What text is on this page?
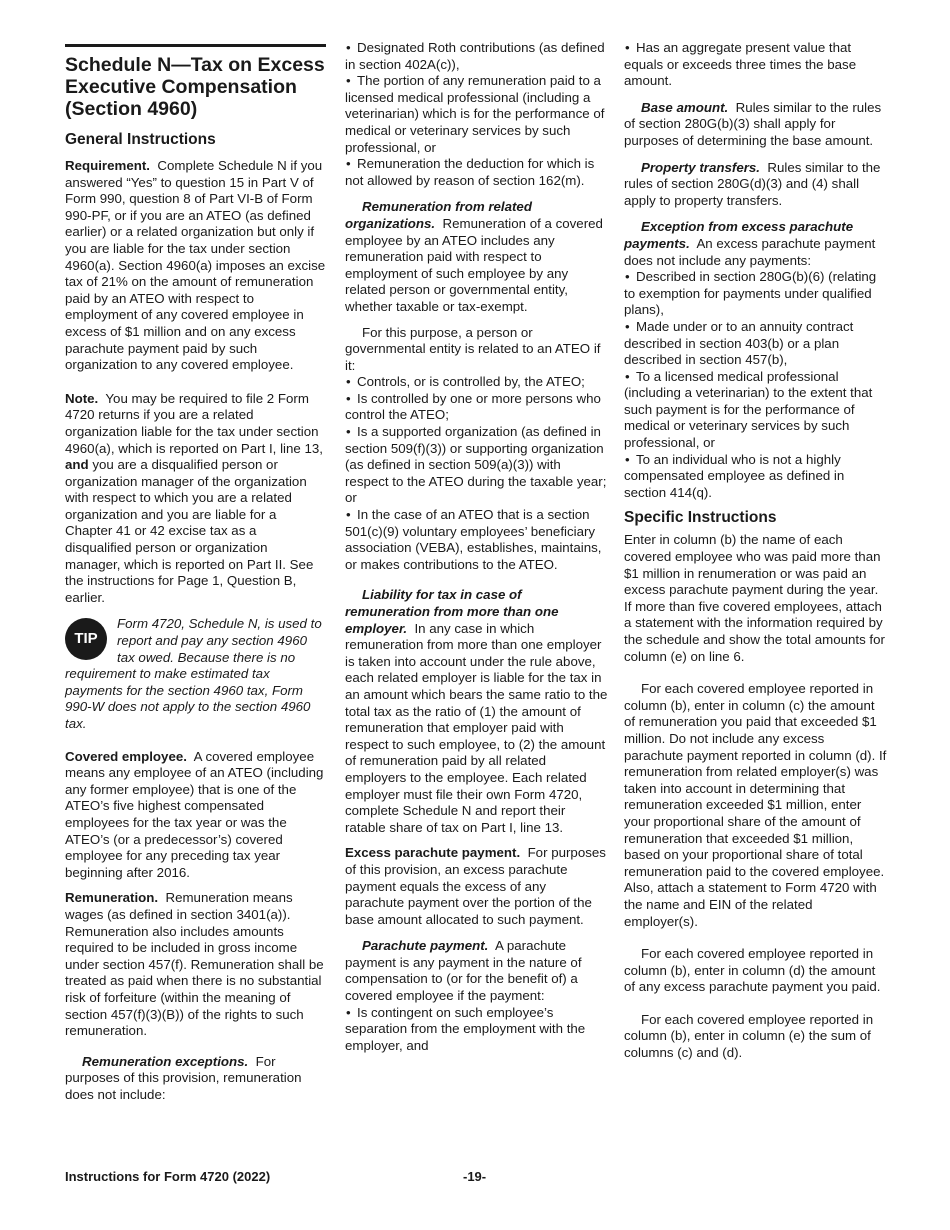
Schedule N—Tax on Excess Executive Compensation (Section 4960)
General Instructions

Requirement. Complete Schedule N if you answered “Yes” to question 15 in Part V of Form 990, question 8 of Part VI-B of Form 990-PF, or if you are an ATEO (as defined earlier) or a related organization but only if you are liable for the tax under section 4960(a). Section 4960(a) imposes an excise tax of 21% on the amount of remuneration paid by an ATEO with respect to employment of any covered employee in excess of $1 million and on any excess parachute payment paid by such organization to any covered employee.

Note. You may be required to file 2 Form 4720 returns if you are a related organization liable for the tax under section 4960(a), which is reported on Part I, line 13, and you are a disqualified person or organization manager of the organization with respect to which you are a related organization and you are liable for a Chapter 41 or 42 excise tax as a disqualified person or organization manager, which is reported on Part II. See the instructions for Page 1, Question B, earlier.

TIP
Form 4720, Schedule N, is used to report and pay any section 4960 tax owed. Because there is no requirement to make estimated tax payments for the section 4960 tax, Form 990-W does not apply to the section 4960 tax.

Covered employee. A covered employee means any employee of an ATEO (including any former employee) that is one of the ATEO’s five highest compensated employees for the tax year or was the ATEO’s (or a predecessor’s) covered employee for any preceding tax year beginning after 2016.

Remuneration. Remuneration means wages (as defined in section 3401(a)). Remuneration also includes amounts required to be included in gross income under section 457(f). Remuneration shall be treated as paid when there is no substantial risk of forfeiture (within the meaning of section 457(f)(3)(B)) of the rights to such remuneration.

Remuneration exceptions. For purposes of this provision, remuneration does not include:

• Designated Roth contributions (as defined in section 402A(c)),

• The portion of any remuneration paid to a licensed medical professional (including a veterinarian) which is for the performance of medical or veterinary services by such professional, or

• Remuneration the deduction for which is not allowed by reason of section 162(m).

Remuneration from related organizations. Remuneration of a covered employee by an ATEO includes any remuneration paid with respect to employment of such employee by any related person or governmental entity, whether taxable or tax-exempt.

For this purpose, a person or governmental entity is related to an ATEO if it:

• Controls, or is controlled by, the ATEO;

• Is controlled by one or more persons who control the ATEO;

• Is a supported organization (as defined in section 509(f)(3)) or supporting organization (as defined in section 509(a)(3)) with respect to the ATEO during the taxable year; or

• In the case of an ATEO that is a section 501(c)(9) voluntary employees’ beneficiary association (VEBA), establishes, maintains, or makes contributions to the ATEO.

Liability for tax in case of remuneration from more than one employer. In any case in which remuneration from more than one employer is taken into account under the rule above, each related employer is liable for the tax in an amount which bears the same ratio to the total tax as the ratio of (1) the amount of remuneration that employer paid with respect to such employee, to (2) the amount of remuneration paid by all related employers to the employee. Each related employer must file their own Form 4720, complete Schedule N and report their ratable share of tax on Part I, line 13.

Excess parachute payment. For purposes of this provision, an excess parachute payment equals the excess of any parachute payment over the portion of the base amount allocated to such payment.

Parachute payment. A parachute payment is any payment in the nature of compensation to (or for the benefit of) a covered employee if the payment:

• Is contingent on such employee’s separation from the employment with the employer, and

• Has an aggregate present value that equals or exceeds three times the base amount.

Base amount. Rules similar to the rules of section 280G(b)(3) shall apply for purposes of determining the base amount.

Property transfers. Rules similar to the rules of section 280G(d)(3) and (4) shall apply to property transfers.

Exception from excess parachute payments. An excess parachute payment does not include any payments:

• Described in section 280G(b)(6) (relating to exemption for payments under qualified plans),

• Made under or to an annuity contract described in section 403(b) or a plan described in section 457(b),

• To a licensed medical professional (including a veterinarian) to the extent that such payment is for the performance of medical or veterinary services by such professional, or

• To an individual who is not a highly compensated employee as defined in section 414(q).

Specific Instructions

Enter in column (b) the name of each covered employee who was paid more than $1 million in renumeration or was paid an excess parachute payment during the year. If more than five covered employees, attach a statement with the information required by the schedule and show the total amounts for column (e) on line 6.

For each covered employee reported in column (b), enter in column (c) the amount of remuneration you paid that exceeded $1 million. Do not include any excess parachute payment reported in column (d). If remuneration from related employer(s) was taken into account in determining that remuneration exceeded $1 million, enter your proportional share of the amount of remuneration that exceeded $1 million, based on your proportional share of total remuneration paid to the covered employee. Also, attach a statement to Form 4720 with the name and EIN of the related employer(s).

For each covered employee reported in column (b), enter in column (d) the amount of any excess parachute payment you paid.

For each covered employee reported in column (b), enter in column (e) the sum of columns (c) and (d).

Instructions for Form 4720 (2022)	-19-
